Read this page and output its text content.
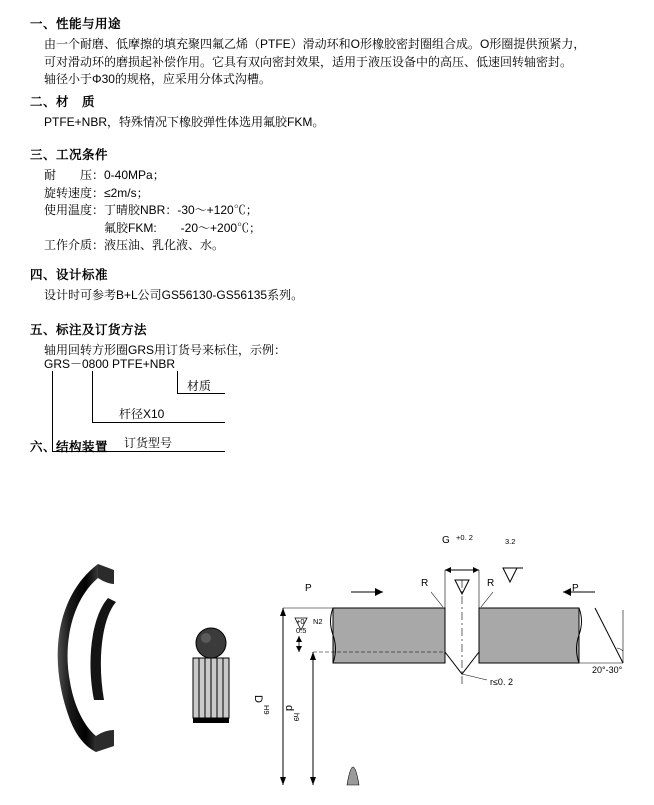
一、性能与用途

由一个耐磨、低摩擦的填充聚四氟乙烯（PTFE）滑动环和O形橡胶密封圈组合成。O形圈提供预紧力，

可对滑动环的磨损起补偿作用。它具有双向密封效果，适用于液压设备中的高压、低速回转轴密封。

轴径小于Φ30的规格，应采用分体式沟槽。

二、材　质

PTFE+NBR，特殊情况下橡胶弹性体选用氟胶FKM。

三、工况条件
耐　　压：0-40MPa；
旋转速度：≤2m/s；
使用温度：丁晴胶NBR：-30～+120℃；
　　　　　氟胶FKM:　　-20～+200℃；
工作介质：液压油、乳化液、水。
四、设计标准

设计时可参考B+L公司GS56130-GS56135系列。

五、标注及订货方法

轴用回转方形圈GRS用订货号来标住，示例：

GRS－0800 PTFE+NBR
材质
杆径X10
订货型号
六、结构装置
G +0. 2	3.2
R	R
P	P
r≤0. 2
20°-30°
+0
0.5
N2
D
H9 d
h9
